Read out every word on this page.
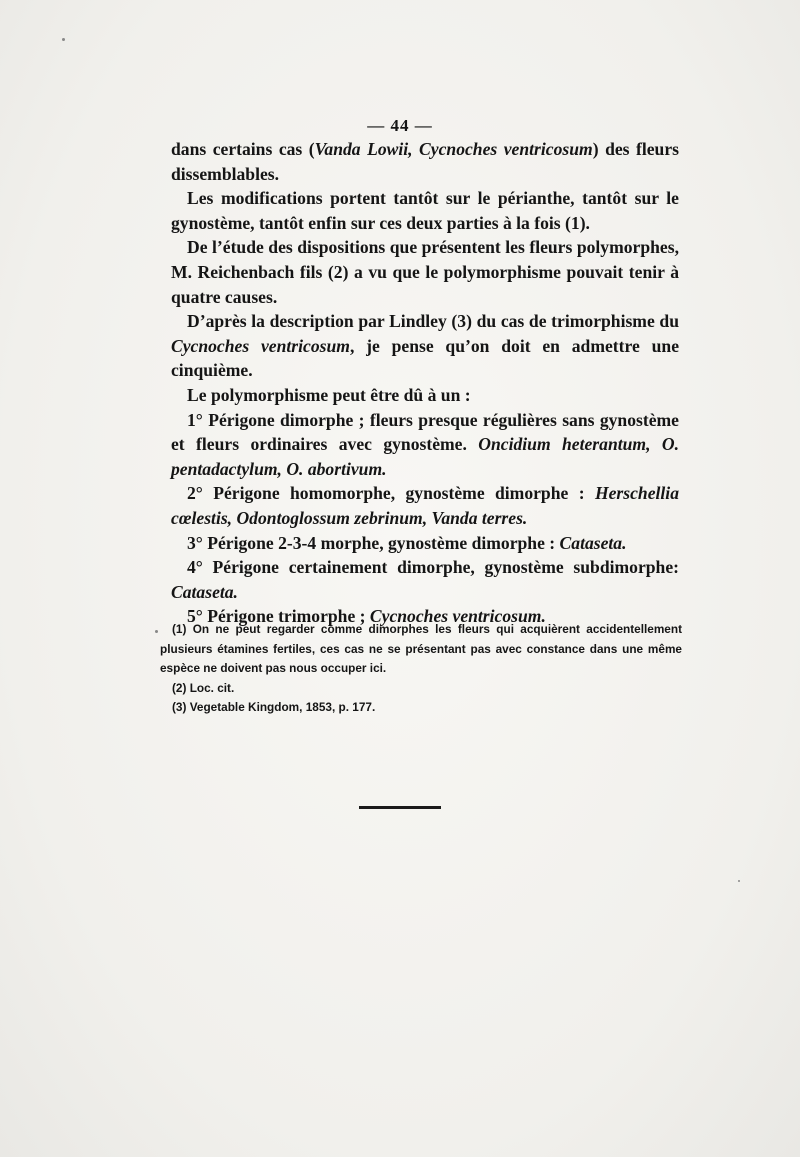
— 44 —

dans certains cas (Vanda Lowii, Cycnoches ventricosum) des fleurs dissemblables.

Les modifications portent tantôt sur le périanthe, tantôt sur le gynostème, tantôt enfin sur ces deux parties à la fois (1).

De l’étude des dispositions que présentent les fleurs polymorphes, M. Reichenbach fils (2) a vu que le polymorphisme pouvait tenir à quatre causes.

D’après la description par Lindley (3) du cas de trimorphisme du Cycnoches ventricosum, je pense qu’on doit en admettre une cinquième.

Le polymorphisme peut être dû à un :

1° Périgone dimorphe ; fleurs presque régulières sans gynostème et fleurs ordinaires avec gynostème. Oncidium heterantum, O. pentadactylum, O. abortivum.

2° Périgone homomorphe, gynostème dimorphe : Herschellia cœlestis, Odontoglossum zebrinum, Vanda terres.

3° Périgone 2-3-4 morphe, gynostème dimorphe : Cataseta.

4° Périgone certainement dimorphe, gynostème subdimorphe: Cataseta.

5° Périgone trimorphe ; Cycnoches ventricosum.

(1) On ne peut regarder comme dimorphes les fleurs qui acquièrent accidentellement plusieurs étamines fertiles, ces cas ne se présentant pas avec constance dans une même espèce ne doivent pas nous occuper ici.

(2) Loc. cit.

(3) Vegetable Kingdom, 1853, p. 177.
